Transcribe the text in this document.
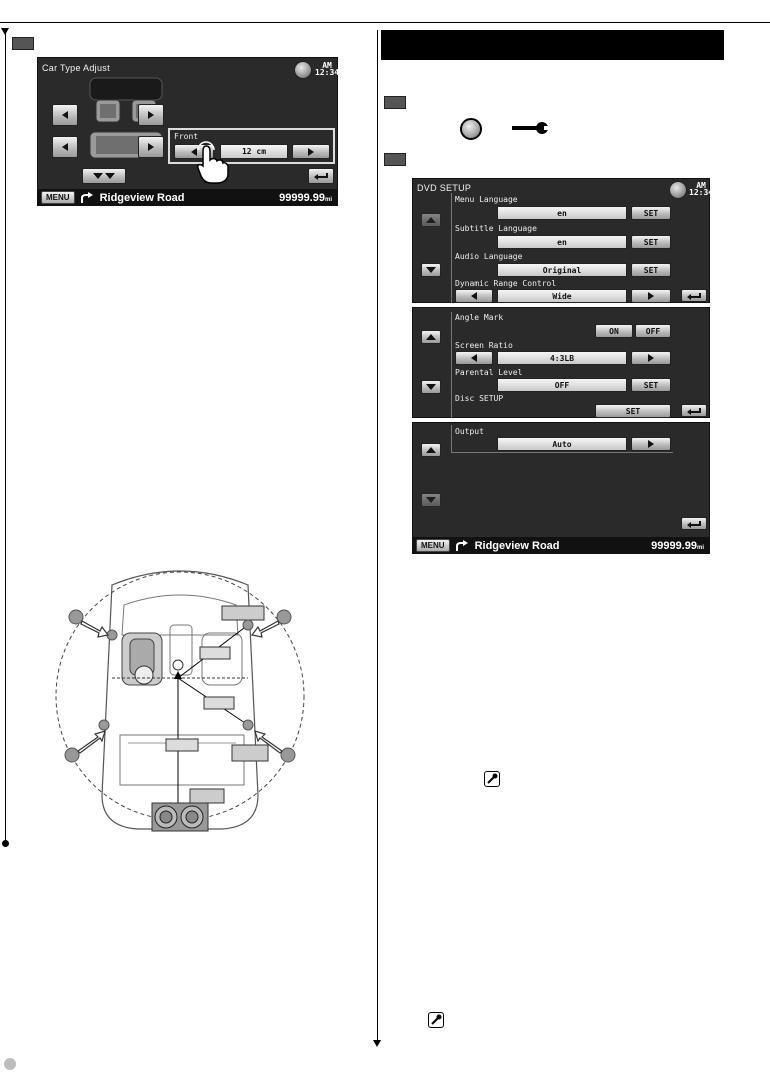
Car Type Adjust	AM
12:34
Front
12 cm
MENU	Ridgeview Road	99999.99mi
DVD SETUP	AM
12:34
Menu Language
en	SET
Subtitle Language
en	SET
Audio Language
Original	SET
Dynamic Range Control
Wide
Angle Mark
ON	OFF
Screen Ratio
4:3LB
Parental Level
OFF	SET
Disc SETUP
SET
Output
Auto
MENU	Ridgeview Road	99999.99mi
